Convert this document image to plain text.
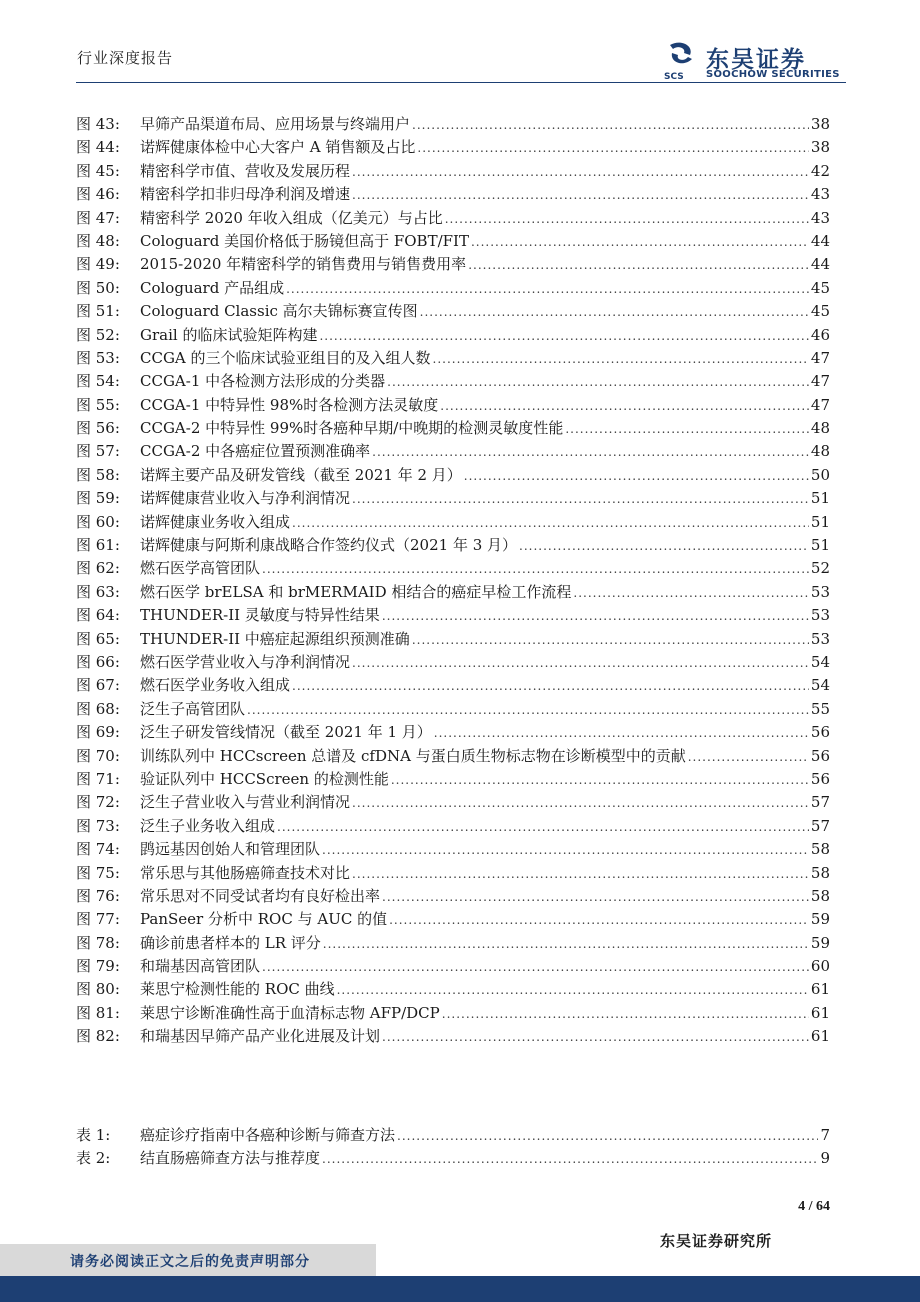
行业深度报告
SCS
东吴证券
SOOCHOW SECURITIES
图 43:	早筛产品渠道布局、应用场景与终端用户 .....	38
图 44:	诺辉健康体检中心大客户 A 销售额及占比 .....	38
图 45:	精密科学市值、营收及发展历程 .....	42
图 46:	精密科学扣非归母净利润及增速 .....	43
图 47:	精密科学 2020 年收入组成（亿美元）与占比 .....	43
图 48:	Cologuard 美国价格低于肠镜但高于 FOBT/FIT .....	44
图 49:	2015-2020 年精密科学的销售费用与销售费用率 .....	44
图 50:	Cologuard 产品组成 .....	45
图 51:	Cologuard Classic 高尔夫锦标赛宣传图 .....	45
图 52:	Grail 的临床试验矩阵构建 .....	46
图 53:	CCGA 的三个临床试验亚组目的及入组人数 .....	47
图 54:	CCGA-1 中各检测方法形成的分类器 .....	47
图 55:	CCGA-1 中特异性 98%时各检测方法灵敏度 .....	47
图 56:	CCGA-2 中特异性 99%时各癌种早期/中晚期的检测灵敏度性能 .....	48
图 57:	CCGA-2 中各癌症位置预测准确率 .....	48
图 58:	诺辉主要产品及研发管线（截至 2021 年 2 月） .....	50
图 59:	诺辉健康营业收入与净利润情况 .....	51
图 60:	诺辉健康业务收入组成 .....	51
图 61:	诺辉健康与阿斯利康战略合作签约仪式（2021 年 3 月） .....	51
图 62:	燃石医学高管团队 .....	52
图 63:	燃石医学 brELSA 和 brMERMAID 相结合的癌症早检工作流程 .....	53
图 64:	THUNDER-II 灵敏度与特异性结果 .....	53
图 65:	THUNDER-II 中癌症起源组织预测准确 .....	53
图 66:	燃石医学营业收入与净利润情况 .....	54
图 67:	燃石医学业务收入组成 .....	54
图 68:	泛生子高管团队 .....	55
图 69:	泛生子研发管线情况（截至 2021 年 1 月） .....	56
图 70:	训练队列中 HCCscreen 总谱及 cfDNA 与蛋白质生物标志物在诊断模型中的贡献 .....	56
图 71:	验证队列中 HCCScreen 的检测性能 .....	56
图 72:	泛生子营业收入与营业利润情况 .....	57
图 73:	泛生子业务收入组成 .....	57
图 74:	鹍远基因创始人和管理团队 .....	58
图 75:	常乐思与其他肠癌筛查技术对比 .....	58
图 76:	常乐思对不同受试者均有良好检出率 .....	58
图 77:	PanSeer 分析中 ROC 与 AUC 的值 .....	59
图 78:	确诊前患者样本的 LR 评分 .....	59
图 79:	和瑞基因高管团队 .....	60
图 80:	莱思宁检测性能的 ROC 曲线 .....	61
图 81:	莱思宁诊断准确性高于血清标志物 AFP/DCP .....	61
图 82:	和瑞基因早筛产品产业化进展及计划 .....	61
表 1:	癌症诊疗指南中各癌种诊断与筛查方法 .....	7
表 2:	结直肠癌筛查方法与推荐度 .....	9
4 / 64
东吴证券研究所
请务必阅读正文之后的免责声明部分
